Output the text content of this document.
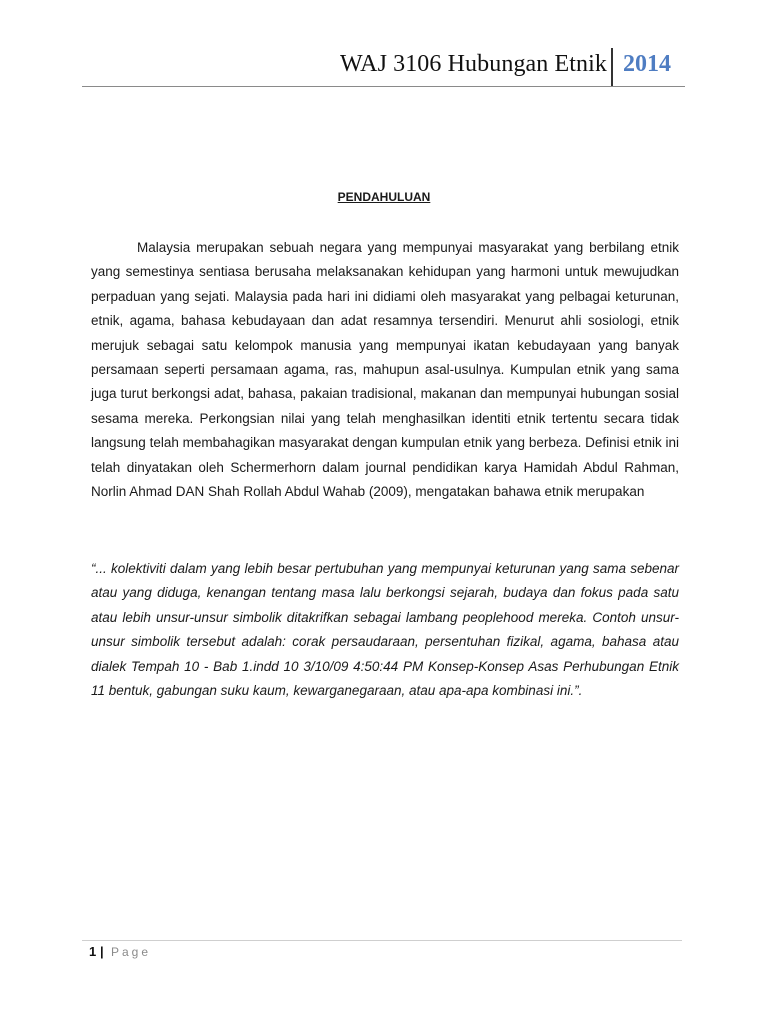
WAJ 3106 Hubungan Etnik 2014
PENDAHULUAN

Malaysia merupakan sebuah negara yang mempunyai masyarakat yang berbilang etnik yang semestinya sentiasa berusaha melaksanakan kehidupan yang harmoni untuk mewujudkan perpaduan yang sejati. Malaysia pada hari ini didiami oleh masyarakat yang pelbagai keturunan, etnik, agama, bahasa kebudayaan dan adat resamnya tersendiri. Menurut ahli sosiologi, etnik merujuk sebagai satu kelompok manusia yang mempunyai ikatan kebudayaan yang banyak persamaan seperti persamaan agama, ras, mahupun asal-usulnya. Kumpulan etnik yang sama juga turut berkongsi adat, bahasa, pakaian tradisional, makanan dan mempunyai hubungan sosial sesama mereka. Perkongsian nilai yang telah menghasilkan identiti etnik tertentu secara tidak langsung telah membahagikan masyarakat dengan kumpulan etnik yang berbeza. Definisi etnik ini telah dinyatakan oleh Schermerhorn dalam journal pendidikan karya Hamidah Abdul Rahman, Norlin Ahmad DAN Shah Rollah Abdul Wahab (2009), mengatakan bahawa etnik merupakan

“... kolektiviti dalam yang lebih besar pertubuhan yang mempunyai keturunan yang sama sebenar atau yang diduga, kenangan tentang masa lalu berkongsi sejarah, budaya dan fokus pada satu atau lebih unsur-unsur simbolik ditakrifkan sebagai lambang peoplehood mereka. Contoh unsur-unsur simbolik tersebut adalah: corak persaudaraan, persentuhan fizikal, agama, bahasa atau dialek Tempah 10 - Bab 1.indd 10 3/10/09 4:50:44 PM Konsep-Konsep Asas Perhubungan Etnik 11 bentuk, gabungan suku kaum, kewarganegaraan, atau apa-apa kombinasi ini.”.

1 | Page
